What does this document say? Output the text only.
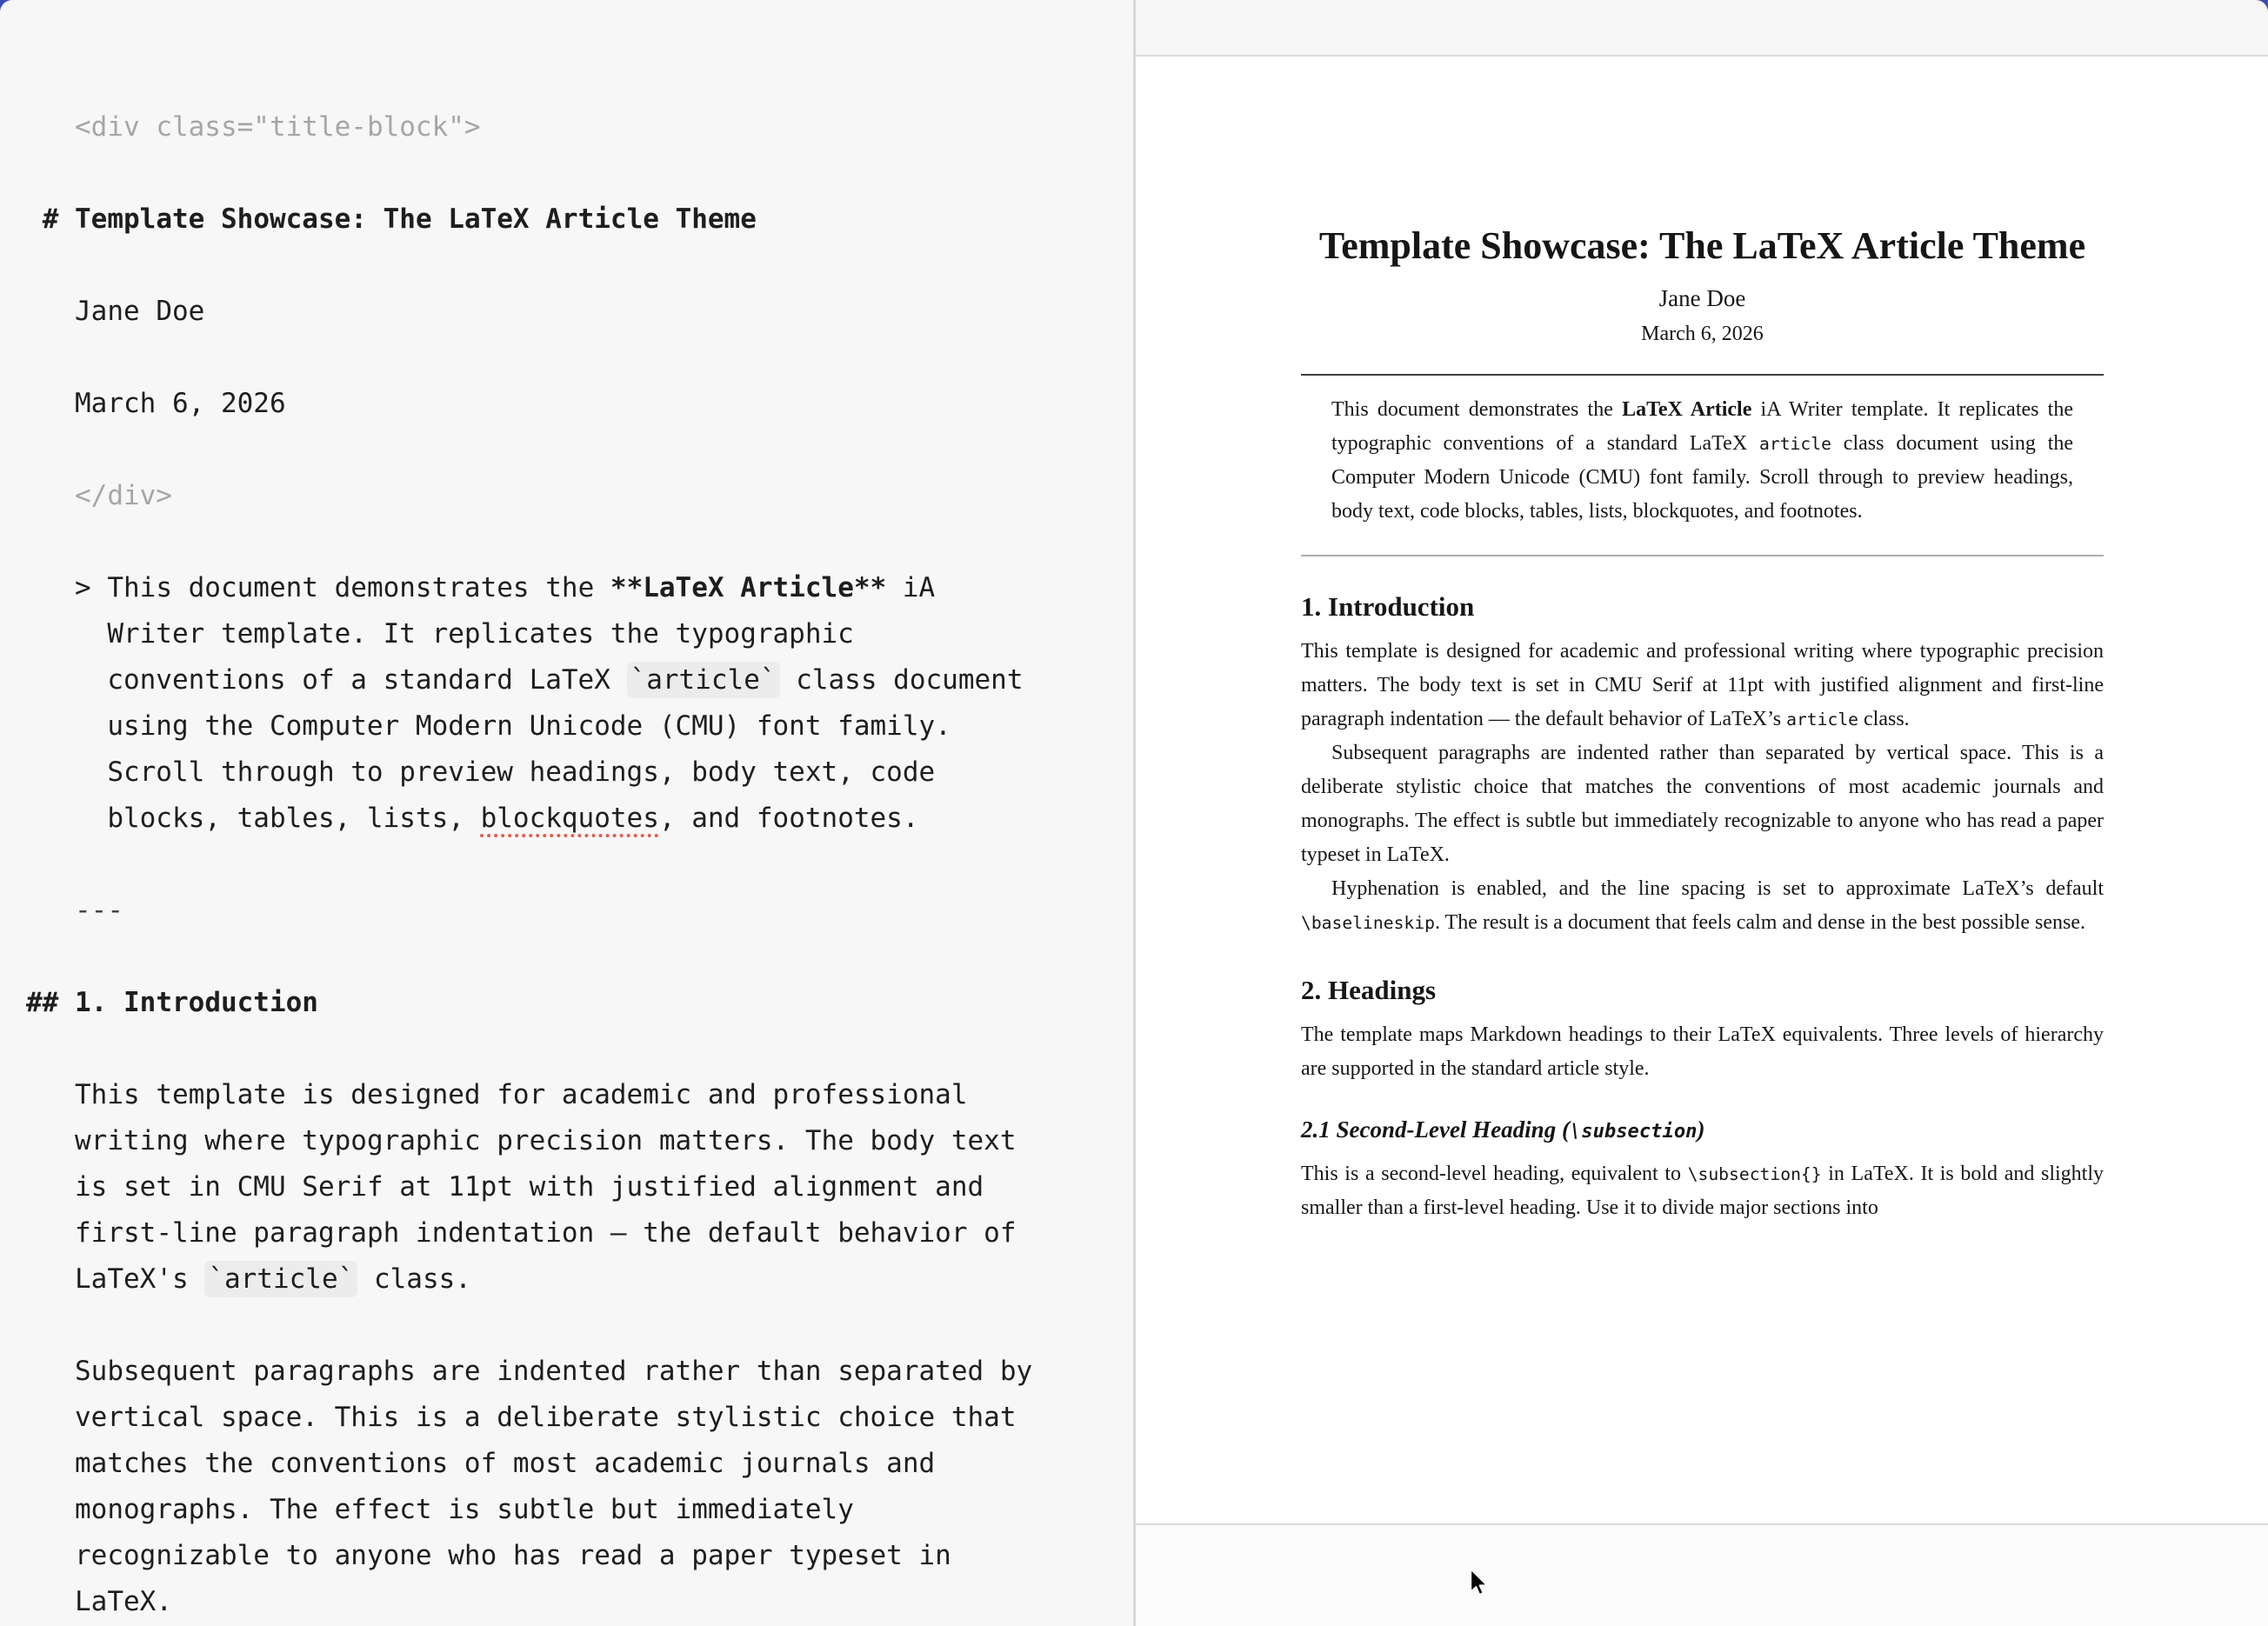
<div class="title-block">
# Template Showcase: The LaTeX Article Theme
Jane Doe
March 6, 2026
</div>
> This document demonstrates the **LaTeX Article** iA
Writer template. It replicates the typographic
conventions of a standard LaTeX `article` class document
using the Computer Modern Unicode (CMU) font family.
Scroll through to preview headings, body text, code
blocks, tables, lists, blockquotes, and footnotes.
---
## 1. Introduction
This template is designed for academic and professional
writing where typographic precision matters. The body text
is set in CMU Serif at 11pt with justified alignment and
first-line paragraph indentation — the default behavior of
LaTeX's `article` class.
Subsequent paragraphs are indented rather than separated by
vertical space. This is a deliberate stylistic choice that
matches the conventions of most academic journals and
monographs. The effect is subtle but immediately
recognizable to anyone who has read a paper typeset in
LaTeX.
Template Showcase: The LaTeX Article Theme
Jane Doe
March 6, 2026
This document demonstrates the LaTeX Article iA Writer template. It replicates the typographic conventions of a standard LaTeX article class document using the Computer Modern Unicode (CMU) font family. Scroll through to preview headings, body text, code blocks, tables, lists, blockquotes, and footnotes.
1. Introduction
This template is designed for academic and professional writing where typographic precision matters. The body text is set in CMU Serif at 11pt with justified alignment and first-line paragraph indentation — the default behavior of LaTeX’s article class.
Subsequent paragraphs are indented rather than separated by vertical space. This is a deliberate stylistic choice that matches the conventions of most academic journals and monographs. The effect is subtle but immediately recognizable to anyone who has read a paper typeset in LaTeX.
Hyphenation is enabled, and the line spacing is set to approximate LaTeX’s default \baselineskip. The result is a document that feels calm and dense in the best possible sense.
2. Headings
The template maps Markdown headings to their LaTeX equivalents. Three levels of hierarchy are supported in the standard article style.
2.1 Second-Level Heading (\subsection)
This is a second-level heading, equivalent to \subsection{} in LaTeX. It is bold and slightly smaller than a first-level heading. Use it to divide major sections into
